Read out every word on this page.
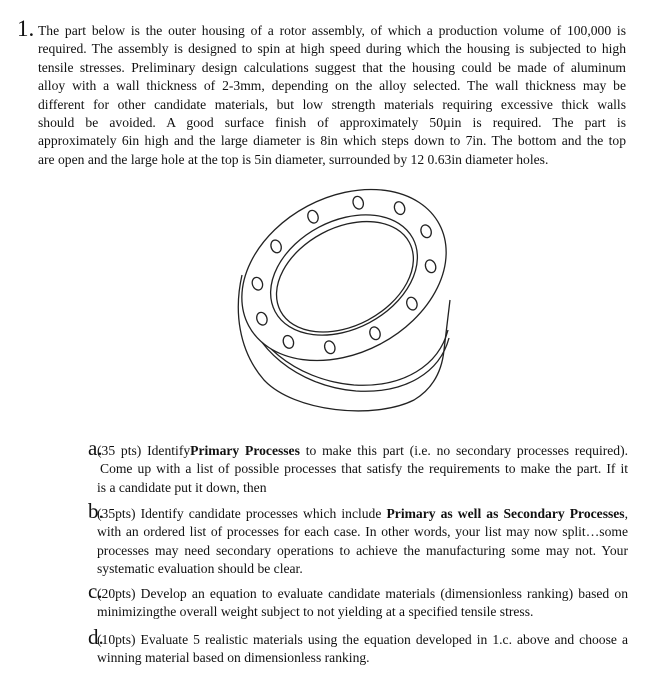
1. The part below is the outer housing of a rotor assembly, of which a production volume of 100,000 is
required. The assembly is designed to spin at high speed during which the housing is subjected to high
tensile stresses. Preliminary design calculations suggest that the housing could be made of aluminum
alloy with a wall thickness of 2-3mm, depending on the alloy selected. The wall thickness may be
different for other candidate materials, but low strength materials requiring excessive thick walls
should be avoided. A good surface finish of approximately 50µin is required. The part is
approximately 6in high and the large diameter is 8in which steps down to 7in. The bottom and the top
are open and the large hole at the top is 5in diameter, surrounded by 12 0.63in diameter holes.
a.
(35 pts) IdentifyPrimary Processes to make this part (i.e. no secondary processes required).
Come up with a list of possible processes that satisfy the requirements to make the part. If it
is a candidate put it down, then
b.
(35pts) Identify candidate processes which include Primary as well as Secondary Processes,
with an ordered list of processes for each case. In other words, your list may now split…some
processes may need secondary operations to achieve the manufacturing some may not. Your
systematic evaluation should be clear.
c.
(20pts) Develop an equation to evaluate candidate materials (dimensionless ranking) based on
minimizingthe overall weight subject to not yielding at a specified tensile stress.
d.
(10pts) Evaluate 5 realistic materials using the equation developed in 1.c. above and choose a
winning material based on dimensionless ranking.
